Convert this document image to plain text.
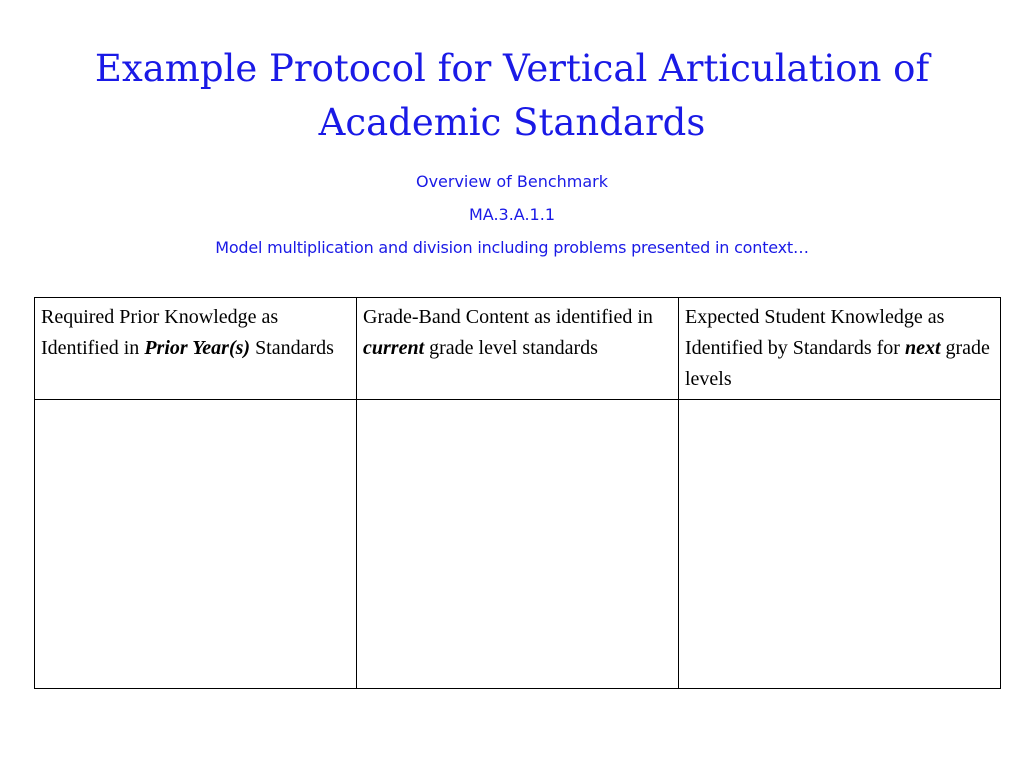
Example Protocol for Vertical Articulation of
Academic Standards

Overview of Benchmark

MA.3.A.1.1

Model multiplication and division including problems presented in context…

Required Prior Knowledge as Identified in Prior Year(s) Standards	Grade-Band Content as identified in current grade level standards	Expected Student Knowledge as Identified by Standards for next grade levels
